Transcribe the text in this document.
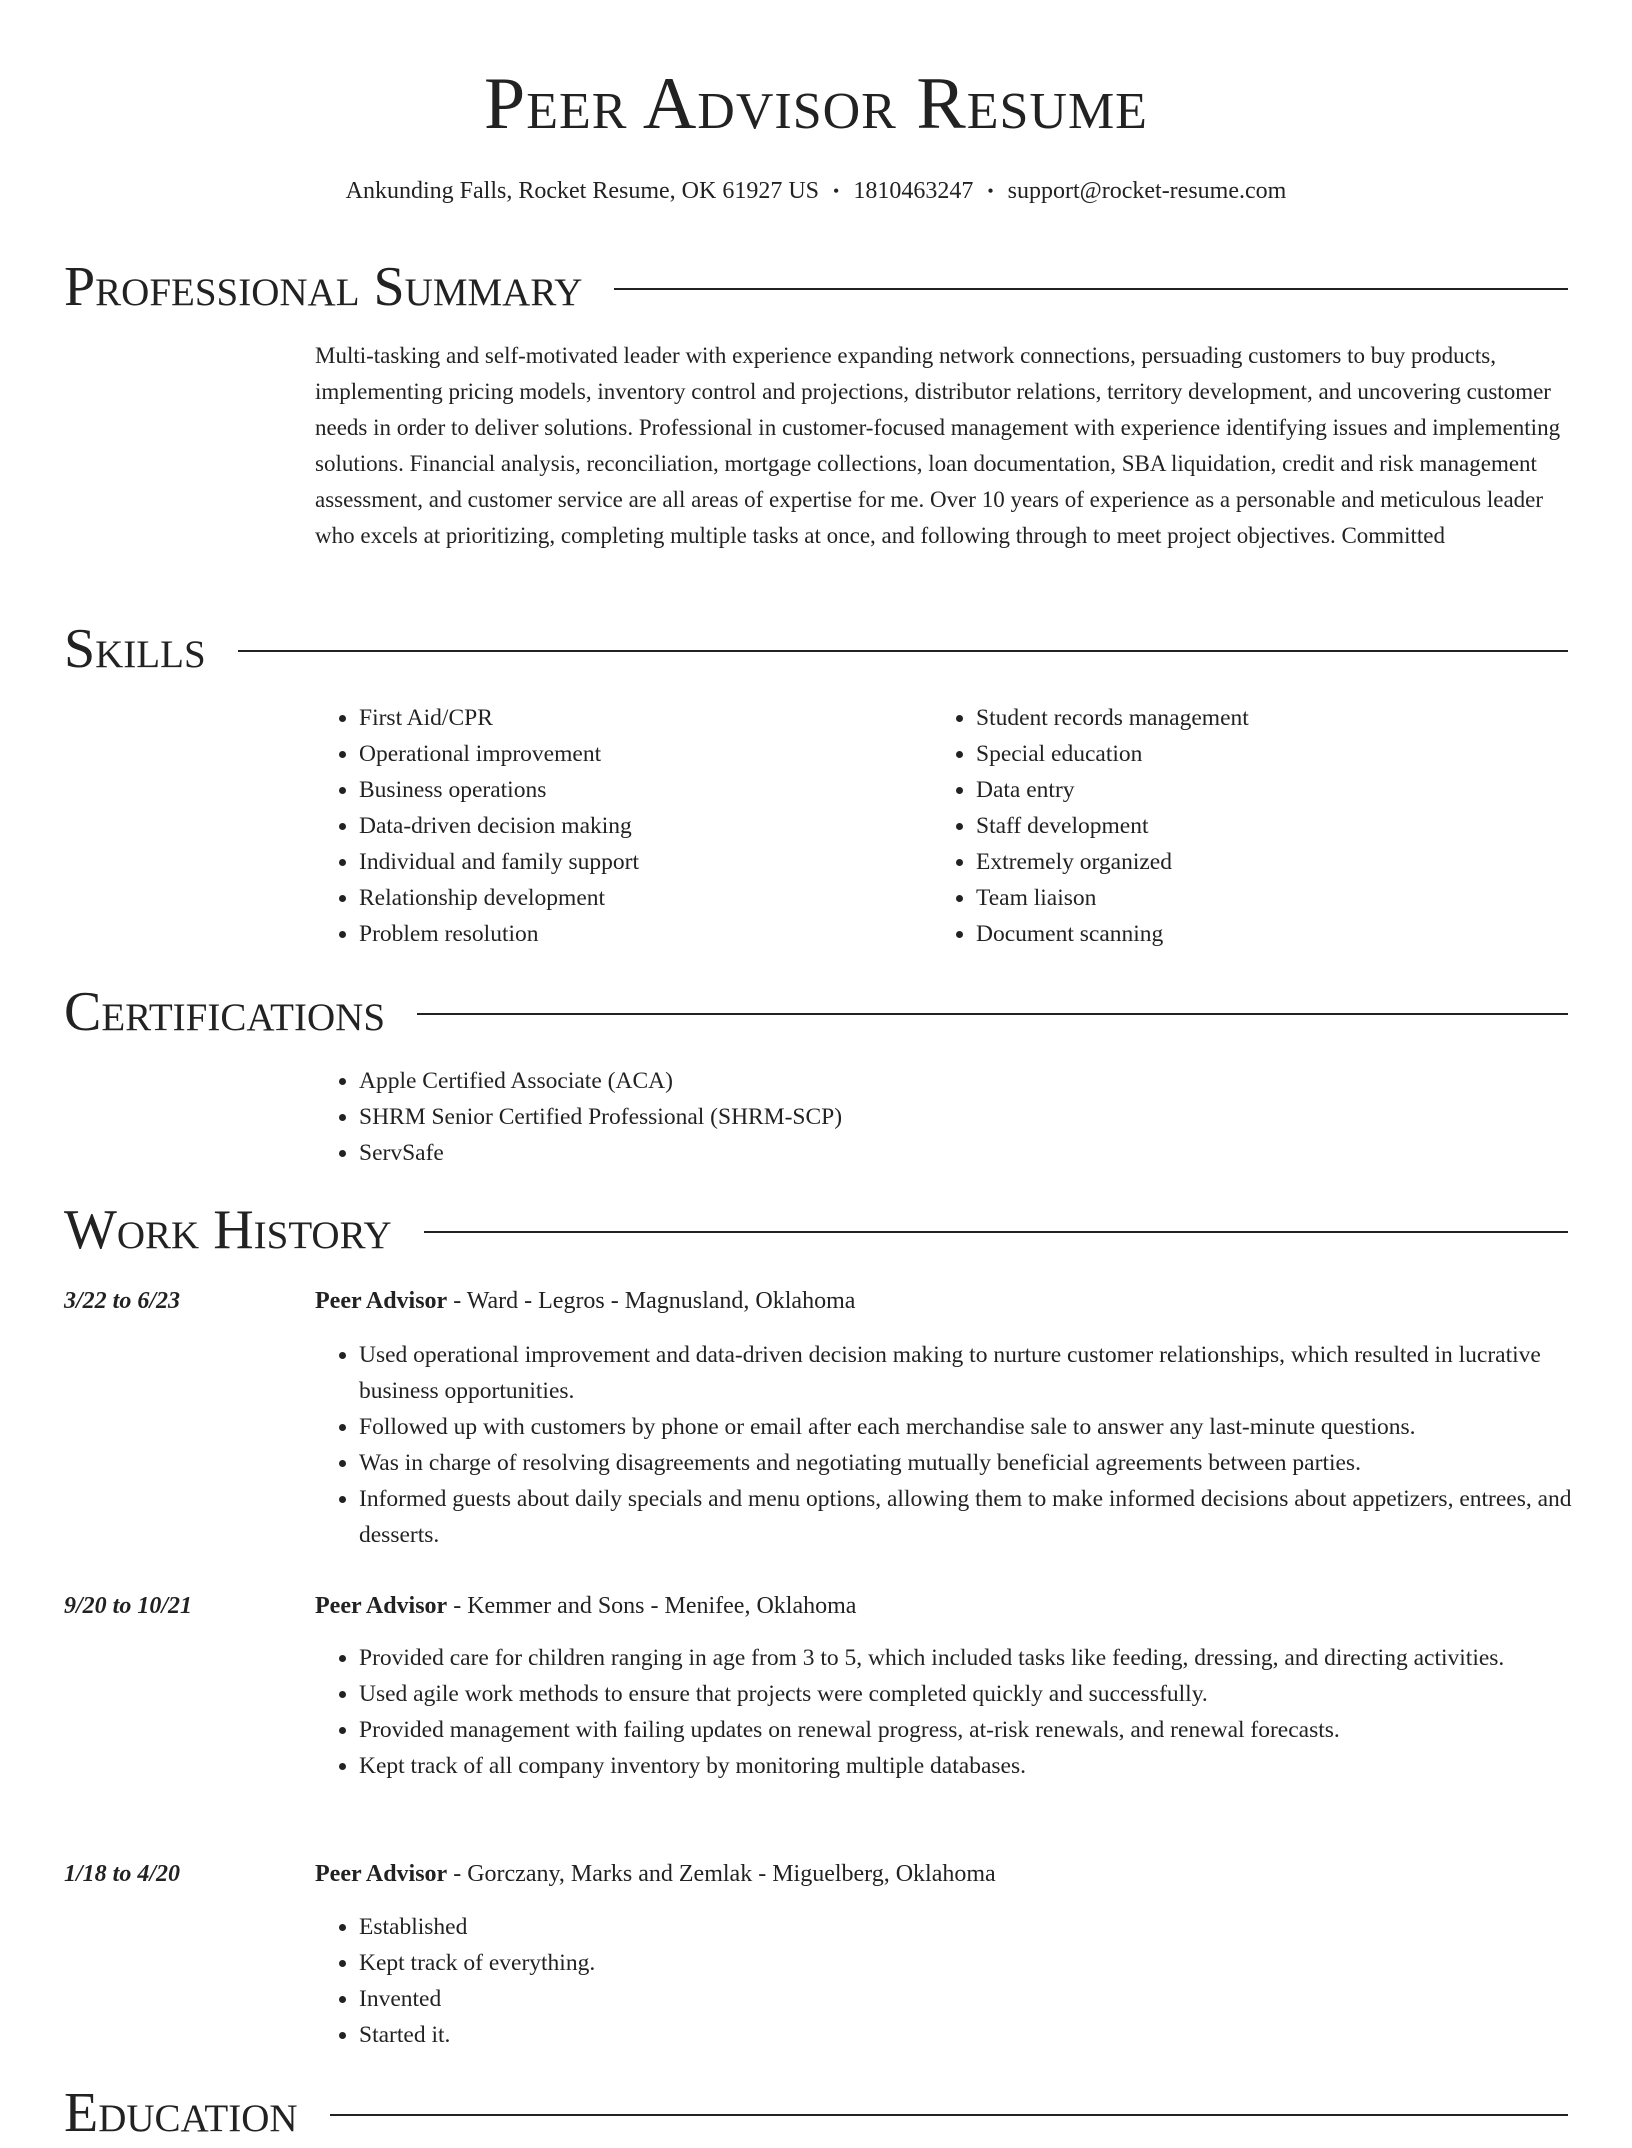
Peer Advisor Resume
Ankunding Falls, Rocket Resume, OK 61927 US • 1810463247 • support@rocket-resume.com
Professional Summary

Multi-tasking and self-motivated leader with experience expanding network connections, persuading customers to buy products, implementing pricing models, inventory control and projections, distributor relations, territory development, and uncovering customer needs in order to deliver solutions. Professional in customer-focused management with experience identifying issues and implementing solutions. Financial analysis, reconciliation, mortgage collections, loan documentation, SBA liquidation, credit and risk management assessment, and customer service are all areas of expertise for me. Over 10 years of experience as a personable and meticulous leader who excels at prioritizing, completing multiple tasks at once, and following through to meet project objectives. Committed

Skills
• First Aid/CPR
• Operational improvement
• Business operations
• Data-driven decision making
• Individual and family support
• Relationship development
• Problem resolution
• Student records management
• Special education
• Data entry
• Staff development
• Extremely organized
• Team liaison
• Document scanning
Certifications
• Apple Certified Associate (ACA)
• SHRM Senior Certified Professional (SHRM-SCP)
• ServSafe
Work History
3/22 to 6/23	Peer Advisor - Ward - Legros - Magnusland, Oklahoma
• Used operational improvement and data-driven decision making to nurture customer relationships, which resulted in lucrative business opportunities.
• Followed up with customers by phone or email after each merchandise sale to answer any last-minute questions.
• Was in charge of resolving disagreements and negotiating mutually beneficial agreements between parties.
• Informed guests about daily specials and menu options, allowing them to make informed decisions about appetizers, entrees, and desserts.
9/20 to 10/21	Peer Advisor - Kemmer and Sons - Menifee, Oklahoma
• Provided care for children ranging in age from 3 to 5, which included tasks like feeding, dressing, and directing activities.
• Used agile work methods to ensure that projects were completed quickly and successfully.
• Provided management with failing updates on renewal progress, at-risk renewals, and renewal forecasts.
• Kept track of all company inventory by monitoring multiple databases.
1/18 to 4/20	Peer Advisor - Gorczany, Marks and Zemlak - Miguelberg, Oklahoma
• Established
• Kept track of everything.
• Invented
• Started it.
Education
